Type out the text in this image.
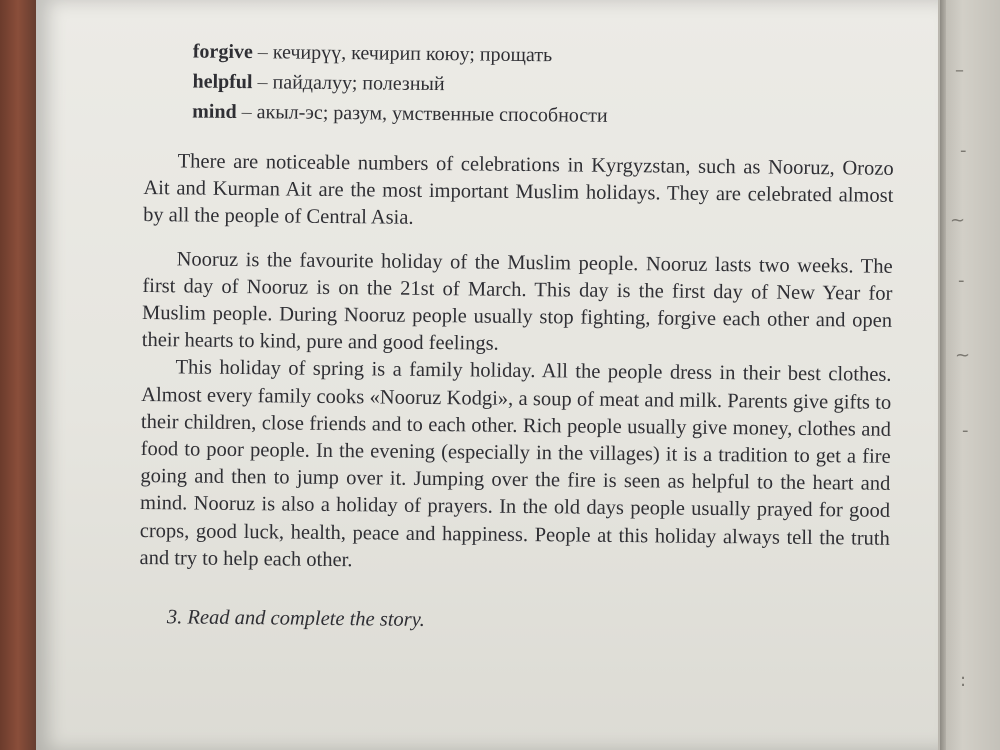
–
-
~
-
~
-
:
forgive – кечирүү, кечирип коюу; прощать
helpful – пайдалуу; полезный
mind – акыл-эс; разум, умственные способности

There are noticeable numbers of celebrations in Kyrgyzstan, such as Nooruz, Orozo Ait and Kurman Ait are the most important Muslim holidays. They are celebrated almost by all the people of Central Asia.

Nooruz is the favourite holiday of the Muslim people. Nooruz lasts two weeks. The first day of Nooruz is on the 21st of March. This day is the first day of New Year for Muslim people. During Nooruz people usually stop fighting, forgive each other and open their hearts to kind, pure and good feelings.

This holiday of spring is a family holiday. All the people dress in their best clothes. Almost every family cooks «Nooruz Kodgi», a soup of meat and milk. Parents give gifts to their children, close friends and to each other. Rich people usually give money, clothes and food to poor people. In the evening (especially in the villages) it is a tradition to get a fire going and then to jump over it. Jumping over the fire is seen as helpful to the heart and mind. Nooruz is also a holiday of prayers. In the old days people usually prayed for good crops, good luck, health, peace and happiness. People at this holiday always tell the truth and try to help each other.

3. Read and complete the story.
